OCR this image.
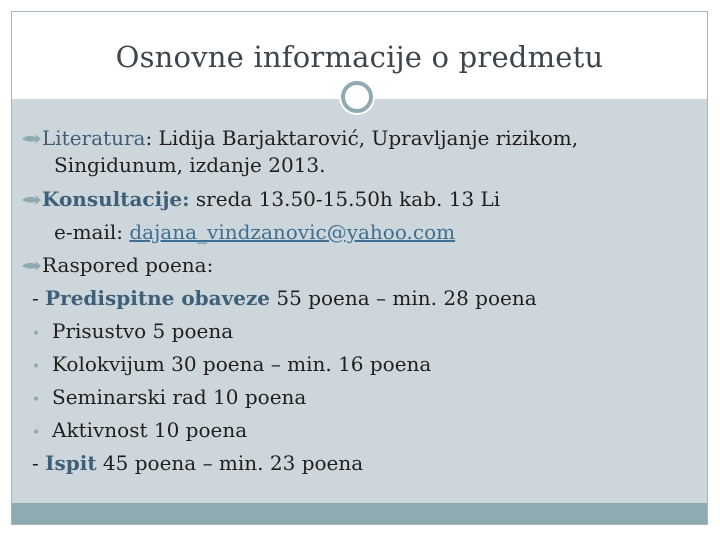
Osnovne informacije o predmetu
Literatura: Lidija Barjaktarović, Upravljanje rizikom,
Singidunum, izdanje 2013.
Konsultacije: sreda 13.50-15.50h kab. 13 Li
e-mail: dajana_vindzanovic@yahoo.com
Raspored poena:
- Predispitne obaveze 55 poena – min. 28 poena
• Prisustvo 5 poena
• Kolokvijum 30 poena – min. 16 poena
• Seminarski rad 10 poena
• Aktivnost 10 poena
- Ispit 45 poena – min. 23 poena
